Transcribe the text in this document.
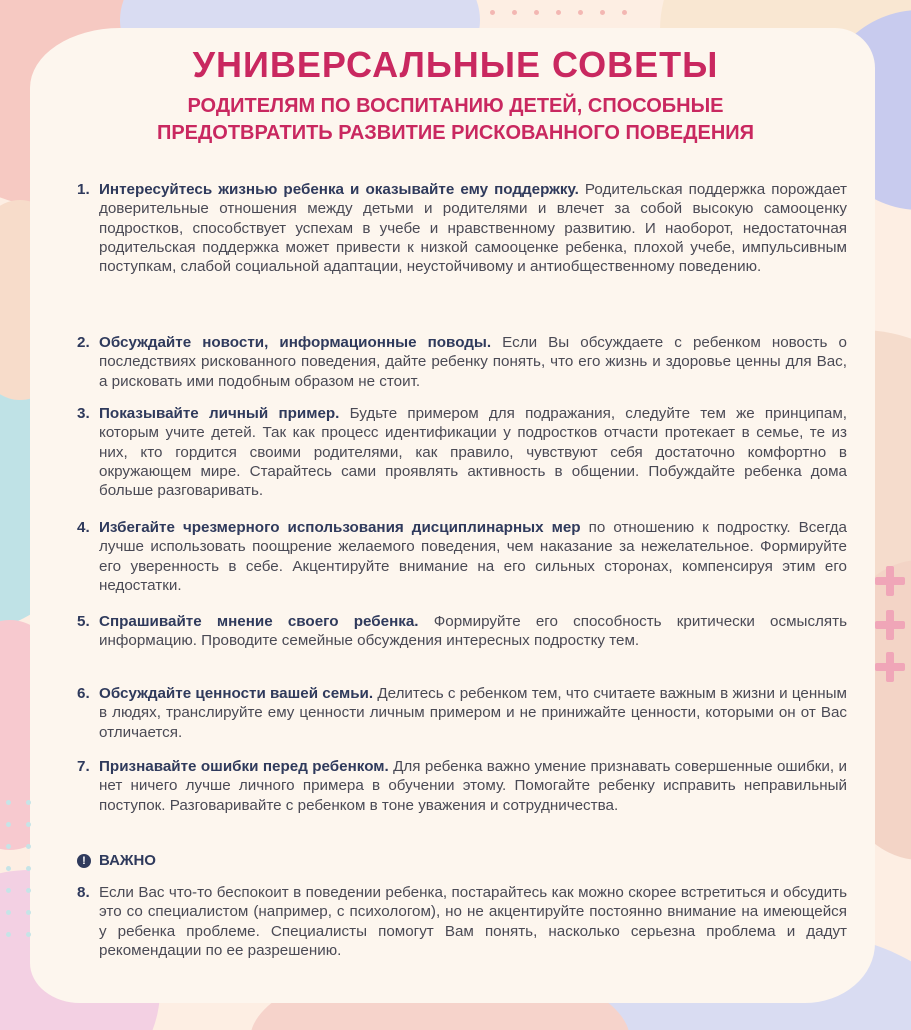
УНИВЕРСАЛЬНЫЕ СОВЕТЫ

РОДИТЕЛЯМ ПО ВОСПИТАНИЮ ДЕТЕЙ, СПОСОБНЫЕ

ПРЕДОТВРАТИТЬ РАЗВИТИЕ РИСКОВАННОГО ПОВЕДЕНИЯ

1. Интересуйтесь жизнью ребенка и оказывайте ему поддержку. Родительская поддержка порождает доверительные отношения между детьми и родителями и влечет за собой высокую самооценку подростков, способствует успехам в учебе и нравственному развитию. И наоборот, недостаточная родительская поддержка может привести к низкой самооценке ребенка, плохой учебе, импульсивным поступкам, слабой социальной адаптации, неустойчивому и антиобщественному поведению.
2. Обсуждайте новости, информационные поводы. Если Вы обсуждаете с ребенком новость о последствиях рискованного поведения, дайте ребенку понять, что его жизнь и здоровье ценны для Вас, а рисковать ими подобным образом не стоит.
3. Показывайте личный пример. Будьте примером для подражания, следуйте тем же принципам, которым учите детей. Так как процесс идентификации у подростков отчасти протекает в семье, те из них, кто гордится своими родителями, как правило, чувствуют себя достаточно комфортно в окружающем мире. Старайтесь сами проявлять активность в общении. Побуждайте ребенка дома больше разговаривать.
4. Избегайте чрезмерного использования дисциплинарных мер по отношению к подростку. Всегда лучше использовать поощрение желаемого поведения, чем наказание за нежелательное. Формируйте его уверенность в себе. Акцентируйте внимание на его сильных сторонах, компенсируя этим его недостатки.
5. Спрашивайте мнение своего ребенка. Формируйте его способность критически осмыслять информацию. Проводите семейные обсуждения интересных подростку тем.
6. Обсуждайте ценности вашей семьи. Делитесь с ребенком тем, что считаете важным в жизни и ценным в людях, транслируйте ему ценности личным примером и не принижайте ценности, которыми он от Вас отличается.
7. Признавайте ошибки перед ребенком. Для ребенка важно умение признавать совершенные ошибки, и нет ничего лучше личного примера в обучении этому. Помогайте ребенку исправить неправильный поступок. Разговаривайте с ребенком в тоне уважения и сотрудничества.
! ВАЖНО
8. Если Вас что-то беспокоит в поведении ребенка, постарайтесь как можно скорее встретиться и обсудить это со специалистом (например, с психологом), но не акцентируйте постоянно внимание на имеющейся у ребенка проблеме. Специалисты помогут Вам понять, насколько серьезна проблема и дадут рекомендации по ее разрешению.
